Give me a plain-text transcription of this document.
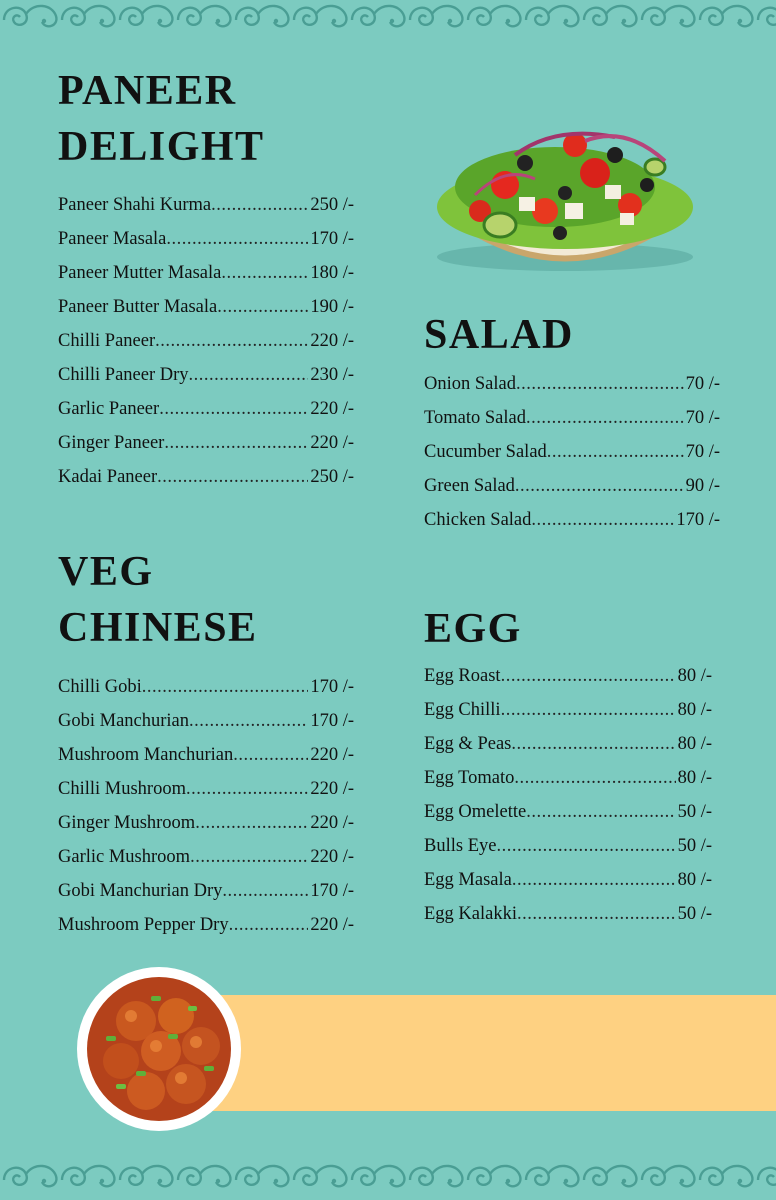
PANEER
DELIGHT
Paneer Shahi Kurma .....	250 /-
Paneer Masala .....	170 /-
Paneer Mutter Masala .....	180 /-
Paneer Butter Masala .....	190 /-
Chilli Paneer .....	220 /-
Chilli Paneer Dry .....	230 /-
Garlic Paneer .....	220 /-
Ginger Paneer .....	220 /-
Kadai Paneer .....	250 /-
VEG
CHINESE
Chilli Gobi .....	170 /-
Gobi Manchurian .....	170 /-
Mushroom Manchurian .....	220 /-
Chilli Mushroom .....	220 /-
Ginger Mushroom .....	220 /-
Garlic Mushroom .....	220 /-
Gobi Manchurian Dry .....	170 /-
Mushroom Pepper Dry .....	220 /-
SALAD
Onion Salad .....	70 /-
Tomato Salad .....	70 /-
Cucumber Salad .....	70 /-
Green Salad .....	90 /-
Chicken Salad .....	170 /-
EGG
Egg Roast .....	80 /-
Egg Chilli .....	80 /-
Egg & Peas .....	80 /-
Egg Tomato .....	80 /-
Egg Omelette .....	50 /-
Bulls Eye .....	50 /-
Egg Masala .....	80 /-
Egg Kalakki .....	50 /-
